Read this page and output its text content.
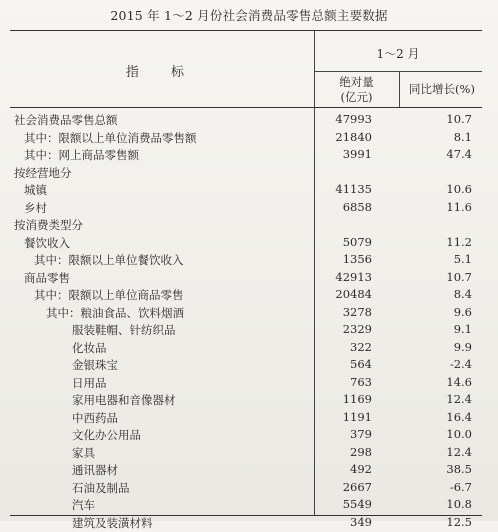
2015 年 1～2 月份社会消费品零售总额主要数据
指 标
1～2 月
绝对量
(亿元)
同比增长(%)
社会消费品零售总额	47993	10.7
其中：限额以上单位消费品零售额	21840	8.1
其中：网上商品零售额	3991	47.4
按经营地分
城镇	41135	10.6
乡村	6858	11.6
按消费类型分
餐饮收入	5079	11.2
其中：限额以上单位餐饮收入	1356	5.1
商品零售	42913	10.7
其中：限额以上单位商品零售	20484	8.4
其中：粮油食品、饮料烟酒	3278	9.6
服装鞋帽、针纺织品	2329	9.1
化妆品	322	9.9
金银珠宝	564	-2.4
日用品	763	14.6
家用电器和音像器材	1169	12.4
中西药品	1191	16.4
文化办公用品	379	10.0
家具	298	12.4
通讯器材	492	38.5
石油及制品	2667	-6.7
汽车	5549	10.8
建筑及装潢材料	349	12.5
